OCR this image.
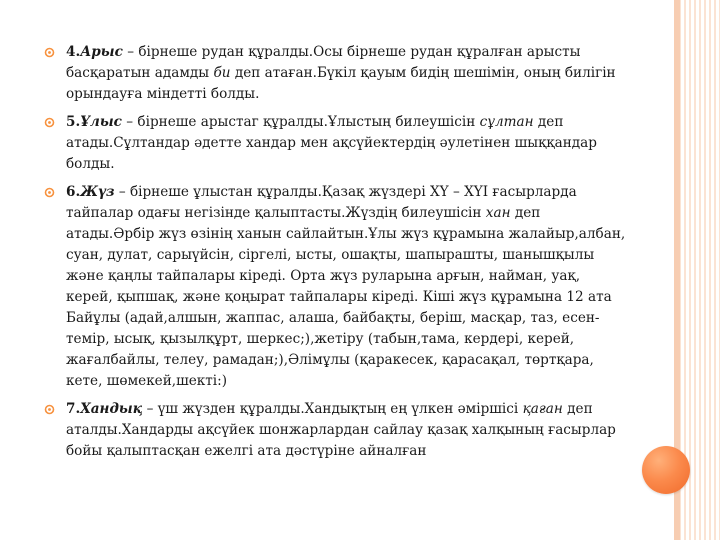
4.Арыс – бірнеше рудан құралды.Осы бірнеше рудан құралған арысты басқаратын адамды би деп атаған.Бүкіл қауым бидің шешімін, оның билігін орындауға міндетті болды.
5.Ұлыс – бірнеше арыстаг құралды.Ұлыстың билеушісін сұлтан деп атады.Сұлтандар әдетте хандар мен ақсүйектердің әулетінен шыққандар болды.
6.Жүз – бірнеше ұлыстан құралды.Қазақ жүздері ХҮ – ХҮІ ғасырларда тайпалар одағы негізінде қалыптасты.Жүздің билеушісін хан деп атады.Әрбір жүз өзінің ханын сайлайтын.Ұлы жүз құрамына жалайыр,албан, суан, дулат, сарыүйсін, сіргелі, ысты, ошақты, шапырашты, шанышқылы және қаңлы тайпалары кіреді. Орта жүз руларына арғын, найман, уақ, керей, қыпшақ, және қоңырат тайпалары кіреді. Кіші жүз құрамына 12 ата Байұлы (адай,алшын, жаппас, алаша, байбақты, беріш, масқар, таз, есен-темір, ысық, қызылқұрт, шеркес;),жетіру (табын,тама, кердері, керей, жағалбайлы, телеу, рамадан;),Әлімұлы (қаракесек, қарасақал, төртқара, кете, шөмекей,шекті:)
7.Хандық – үш жүзден құралды.Хандықтың ең үлкен әміршісі қаған деп аталды.Хандарды ақсүйек шонжарлардан сайлау қазақ халқының ғасырлар бойы қалыптасқан ежелгі ата дәстүріне айналған
